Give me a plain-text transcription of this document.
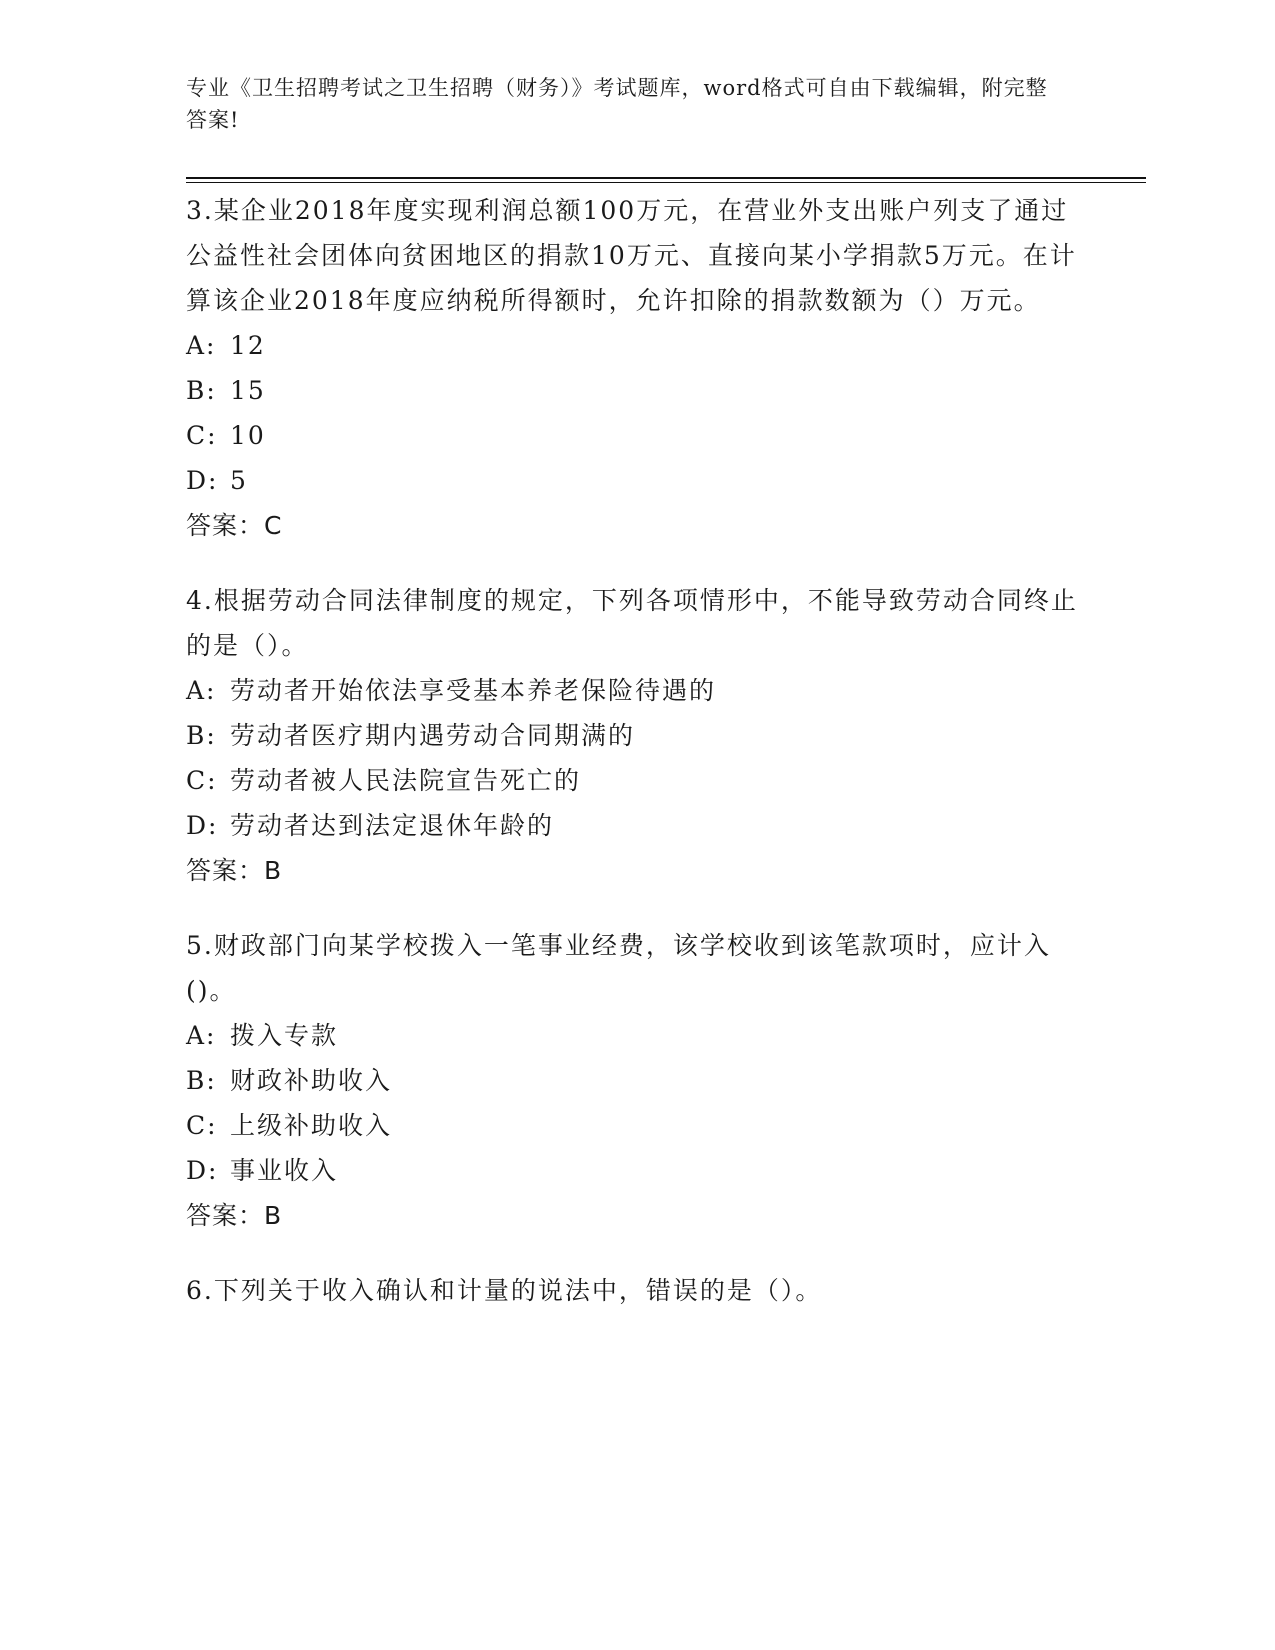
专业《卫生招聘考试之卫生招聘（财务）》考试题库，word格式可自由下载编辑，附完整答案!

3.某企业2018年度实现利润总额100万元，在营业外支出账户列支了通过公益性社会团体向贫困地区的捐款10万元、直接向某小学捐款5万元。在计算该企业2018年度应纳税所得额时，允许扣除的捐款数额为（）万元。

A: 12

B: 15

C: 10

D: 5

答案：C

4.根据劳动合同法律制度的规定，下列各项情形中，不能导致劳动合同终止的是（）。

A: 劳动者开始依法享受基本养老保险待遇的

B: 劳动者医疗期内遇劳动合同期满的

C: 劳动者被人民法院宣告死亡的

D: 劳动者达到法定退休年龄的

答案：B

5.财政部门向某学校拨入一笔事业经费，该学校收到该笔款项时，应计入()。

A: 拨入专款

B: 财政补助收入

C: 上级补助收入

D: 事业收入

答案：B

6.下列关于收入确认和计量的说法中，错误的是（）。
